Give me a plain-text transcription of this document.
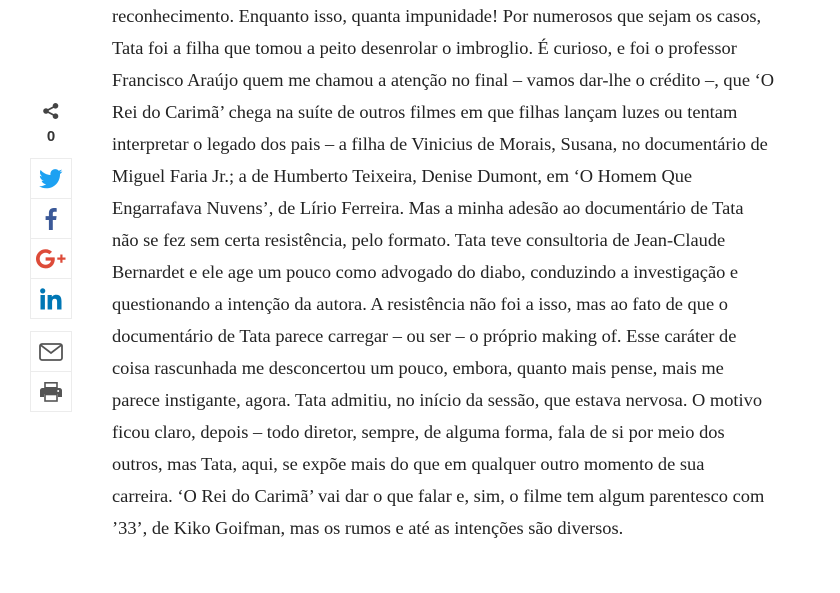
0
reconhecimento. Enquanto isso, quanta impunidade! Por numerosos que sejam os casos,
Tata foi a filha que tomou a peito desenrolar o imbroglio. É curioso, e foi o professor
Francisco Araújo quem me chamou a atenção no final – vamos dar-lhe o crédito –, que ‘O
Rei do Carimã’ chega na suíte de outros filmes em que filhas lançam luzes ou tentam
interpretar o legado dos pais – a filha de Vinicius de Morais, Susana, no documentário de
Miguel Faria Jr.; a de Humberto Teixeira, Denise Dumont, em ‘O Homem Que
Engarrafava Nuvens’, de Lírio Ferreira. Mas a minha adesão ao documentário de Tata
não se fez sem certa resistência, pelo formato. Tata teve consultoria de Jean-Claude
Bernardet e ele age um pouco como advogado do diabo, conduzindo a investigação e
questionando a intenção da autora. A resistência não foi a isso, mas ao fato de que o
documentário de Tata parece carregar – ou ser – o próprio making of. Esse caráter de
coisa rascunhada me desconcertou um pouco, embora, quanto mais pense, mais me
parece instigante, agora. Tata admitiu, no início da sessão, que estava nervosa. O motivo
ficou claro, depois – todo diretor, sempre, de alguma forma, fala de si por meio dos
outros, mas Tata, aqui, se expõe mais do que em qualquer outro momento de sua
carreira. ‘O Rei do Carimã’ vai dar o que falar e, sim, o filme tem algum parentesco com
’33’, de Kiko Goifman, mas os rumos e até as intenções são diversos.
